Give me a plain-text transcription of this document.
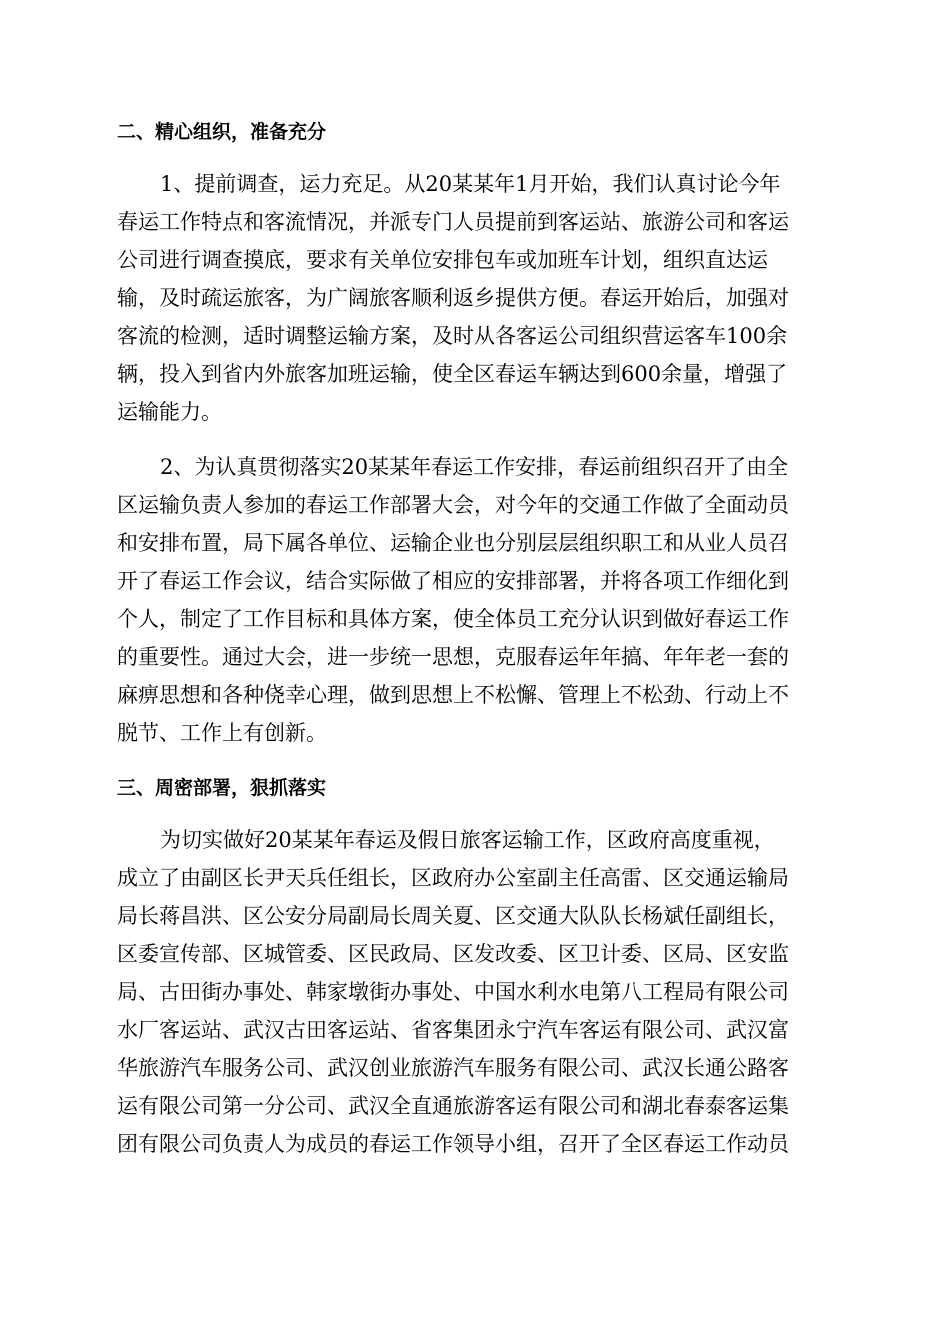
二、精心组织，准备充分
1、提前调查，运力充足。从20某某年1月开始，我们认真讨论今年
春运工作特点和客流情况，并派专门人员提前到客运站、旅游公司和客运
公司进行调查摸底，要求有关单位安排包车或加班车计划，组织直达运
输，及时疏运旅客，为广阔旅客顺利返乡提供方便。春运开始后，加强对
客流的检测，适时调整运输方案，及时从各客运公司组织营运客车100余
辆，投入到省内外旅客加班运输，使全区春运车辆达到600余量，增强了
运输能力。
2、为认真贯彻落实20某某年春运工作安排，春运前组织召开了由全
区运输负责人参加的春运工作部署大会，对今年的交通工作做了全面动员
和安排布置，局下属各单位、运输企业也分别层层组织职工和从业人员召
开了春运工作会议，结合实际做了相应的安排部署，并将各项工作细化到
个人，制定了工作目标和具体方案，使全体员工充分认识到做好春运工作
的重要性。通过大会，进一步统一思想，克服春运年年搞、年年老一套的
麻痹思想和各种侥幸心理，做到思想上不松懈、管理上不松劲、行动上不
脱节、工作上有创新。
三、周密部署，狠抓落实
为切实做好20某某年春运及假日旅客运输工作，区政府高度重视，
成立了由副区长尹天兵任组长，区政府办公室副主任高雷、区交通运输局
局长蒋昌洪、区公安分局副局长周关夏、区交通大队队长杨斌任副组长，
区委宣传部、区城管委、区民政局、区发改委、区卫计委、区局、区安监
局、古田街办事处、韩家墩街办事处、中国水利水电第八工程局有限公司
水厂客运站、武汉古田客运站、省客集团永宁汽车客运有限公司、武汉富
华旅游汽车服务公司、武汉创业旅游汽车服务有限公司、武汉长通公路客
运有限公司第一分公司、武汉全直通旅游客运有限公司和湖北春泰客运集
团有限公司负责人为成员的春运工作领导小组，召开了全区春运工作动员
